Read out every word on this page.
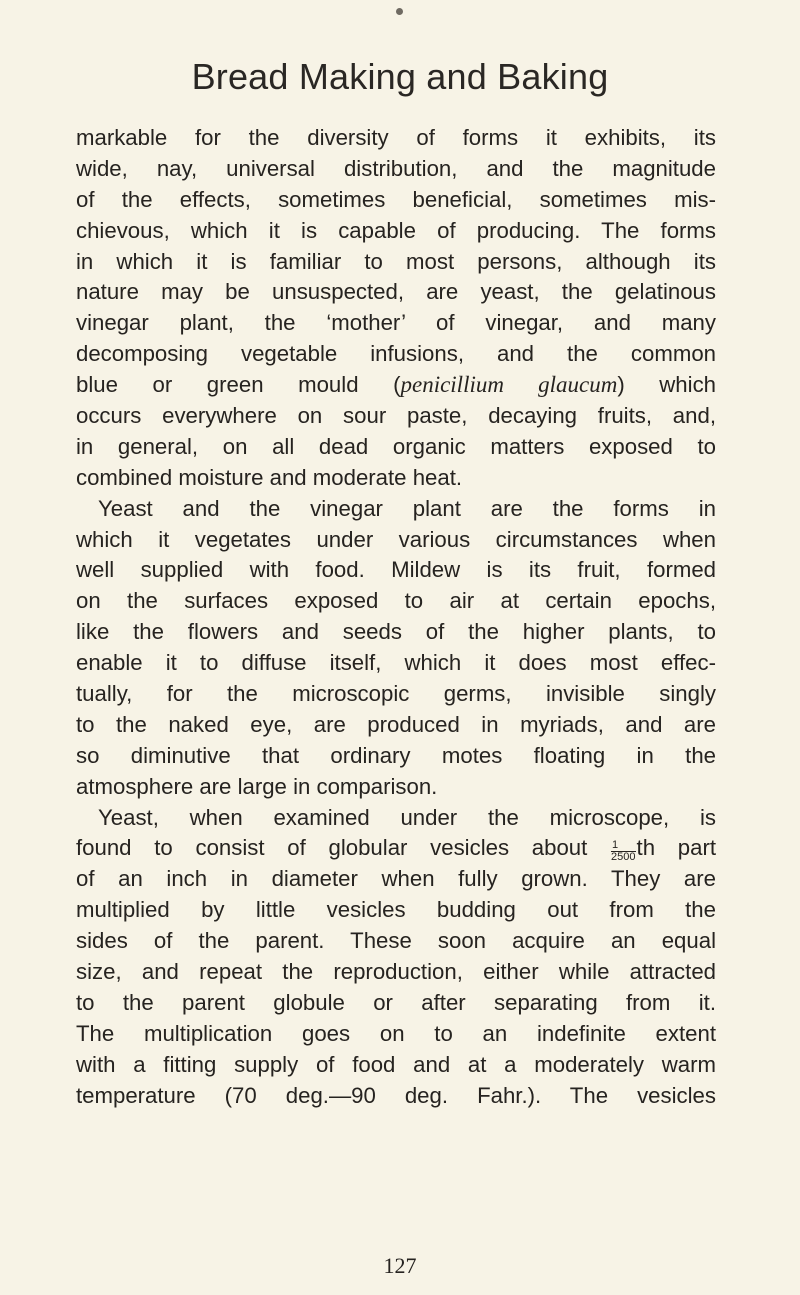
Bread Making and Baking
markable for the diversity of forms it exhibits, its
wide, nay, universal distribution, and the magnitude
of the effects, sometimes beneficial, sometimes mis-
chievous, which it is capable of producing. The forms
in which it is familiar to most persons, although its
nature may be unsuspected, are yeast, the gelatinous
vinegar plant, the ‘mother’ of vinegar, and many
decomposing vegetable infusions, and the common
blue or green mould (penicillium glaucum) which
occurs everywhere on sour paste, decaying fruits, and,
in general, on all dead organic matters exposed to
combined moisture and moderate heat.
Yeast and the vinegar plant are the forms in
which it vegetates under various circumstances when
well supplied with food. Mildew is its fruit, formed
on the surfaces exposed to air at certain epochs,
like the flowers and seeds of the higher plants, to
enable it to diffuse itself, which it does most effec-
tually, for the microscopic germs, invisible singly
to the naked eye, are produced in myriads, and are
so diminutive that ordinary motes floating in the
atmosphere are large in comparison.
Yeast, when examined under the microscope, is
found to consist of globular vesicles about $\frac{1}{2500}$ th part
of an inch in diameter when fully grown. They are
multiplied by little vesicles budding out from the
sides of the parent. These soon acquire an equal
size, and repeat the reproduction, either while attracted
to the parent globule or after separating from it.
The multiplication goes on to an indefinite extent
with a fitting supply of food and at a moderately warm
temperature (70 deg.—90 deg. Fahr.). The vesicles
127
